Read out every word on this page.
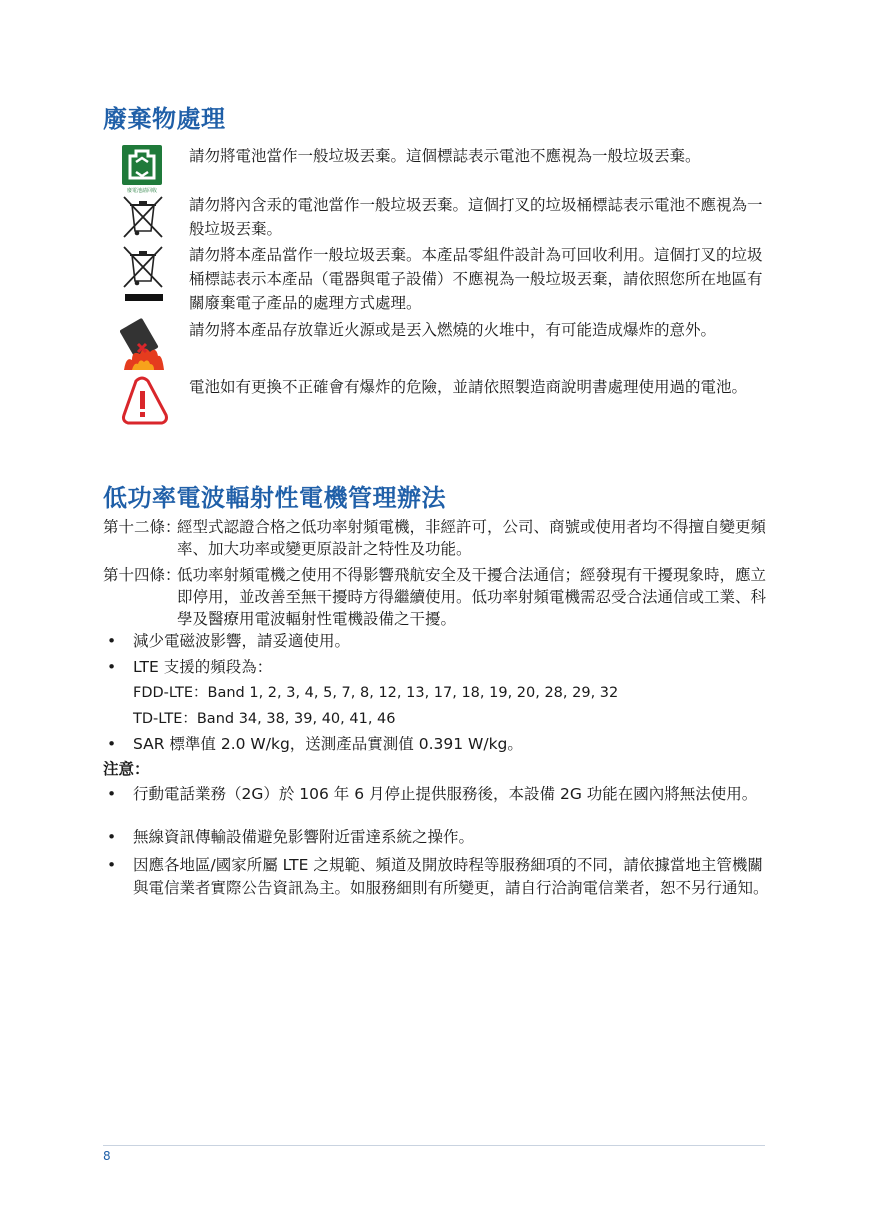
廢棄物處理
廢電池請回收
請勿將電池當作一般垃圾丟棄。這個標誌表示電池不應視為一般垃圾丟棄。
請勿將內含汞的電池當作一般垃圾丟棄。這個打叉的垃圾桶標誌表示電池不應視為一般垃圾丟棄。
請勿將本產品當作一般垃圾丟棄。本產品零組件設計為可回收利用。這個打叉的垃圾桶標誌表示本產品（電器與電子設備）不應視為一般垃圾丟棄，請依照您所在地區有關廢棄電子產品的處理方式處理。
請勿將本產品存放靠近火源或是丟入燃燒的火堆中，有可能造成爆炸的意外。
電池如有更換不正確會有爆炸的危險，並請依照製造商說明書處理使用過的電池。
低功率電波輻射性電機管理辦法
第十二條：
經型式認證合格之低功率射頻電機，非經許可，公司、商號或使用者均不得擅自變更頻率、加大功率或變更原設計之特性及功能。
第十四條：
低功率射頻電機之使用不得影響飛航安全及干擾合法通信；經發現有干擾現象時，應立即停用，並改善至無干擾時方得繼續使用。低功率射頻電機需忍受合法通信或工業、科學及醫療用電波輻射性電機設備之干擾。
• 減少電磁波影響，請妥適使用。
• LTE 支援的頻段為：
FDD-LTE：Band 1, 2, 3, 4, 5, 7, 8, 12, 13, 17, 18, 19, 20, 28, 29, 32
TD-LTE：Band 34, 38, 39, 40, 41, 46
• SAR 標準值 2.0 W/kg，送測產品實測值 0.391 W/kg。
注意：
• 行動電話業務（2G）於 106 年 6 月停止提供服務後，本設備 2G 功能在國內將無法使用。
• 無線資訊傳輸設備避免影響附近雷達系統之操作。
• 因應各地區/國家所屬 LTE 之規範、頻道及開放時程等服務細項的不同，請依據當地主管機關與電信業者實際公告資訊為主。如服務細則有所變更，請自行洽詢電信業者，恕不另行通知。
8
